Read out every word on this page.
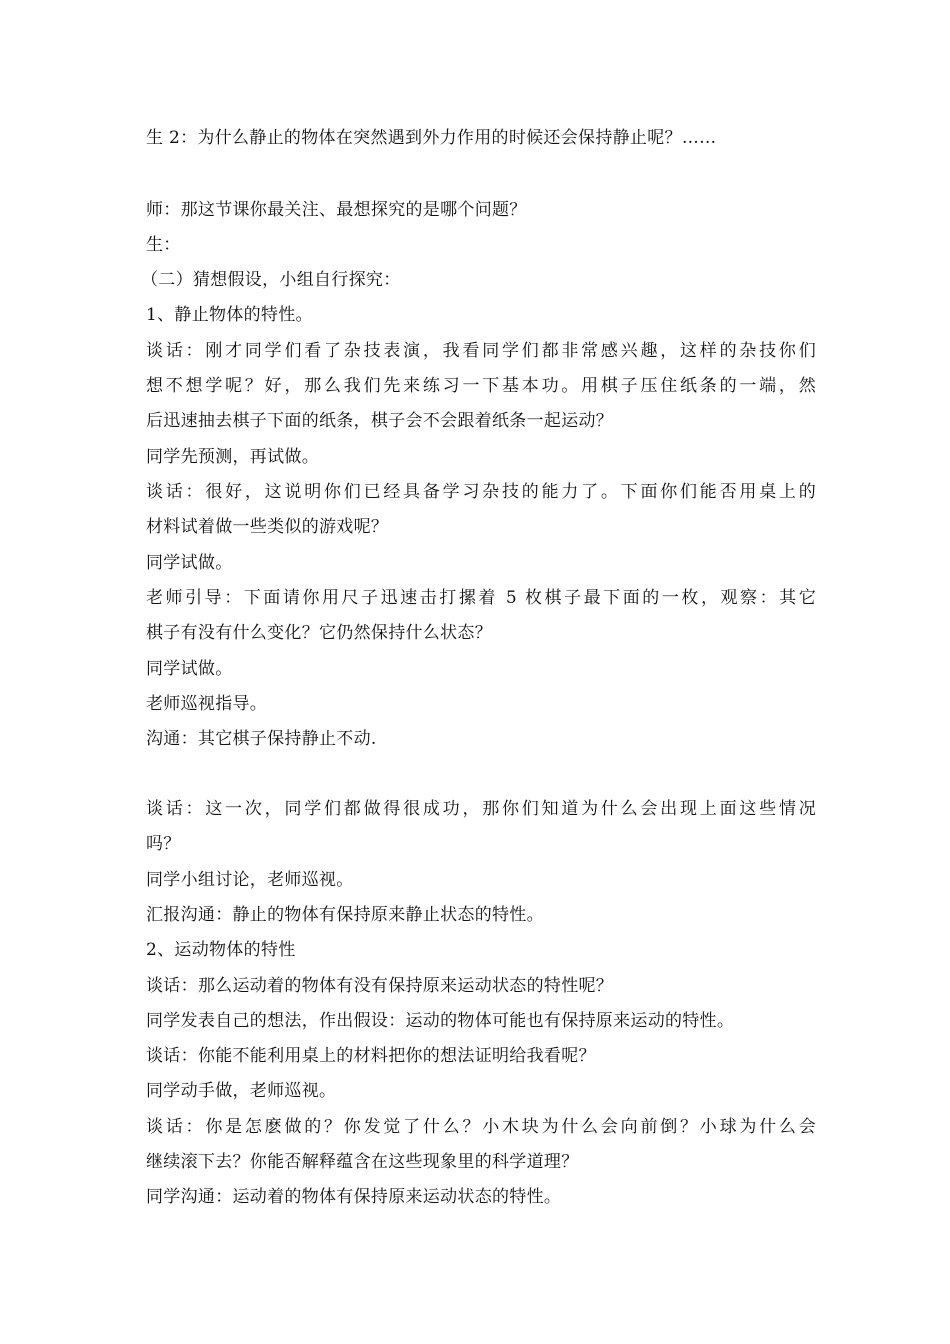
生 2：为什么静止的物体在突然遇到外力作用的时候还会保持静止呢？……
师：那这节课你最关注、最想探究的是哪个问题？
生：
（二）猜想假设，小组自行探究：
1、静止物体的特性。
谈话：刚才同学们看了杂技表演，我看同学们都非常感兴趣，这样的杂技你们
想不想学呢？好，那么我们先来练习一下基本功。用棋子压住纸条的一端，然
后迅速抽去棋子下面的纸条，棋子会不会跟着纸条一起运动？
同学先预测，再试做。
谈话：很好，这说明你们已经具备学习杂技的能力了。下面你们能否用桌上的
材料试着做一些类似的游戏呢？
同学试做。
老师引导：下面请你用尺子迅速击打摞着 5 枚棋子最下面的一枚，观察：其它
棋子有没有什么变化？它仍然保持什么状态？
同学试做。
老师巡视指导。
沟通：其它棋子保持静止不动.
谈话：这一次，同学们都做得很成功，那你们知道为什么会出现上面这些情况
吗？
同学小组讨论，老师巡视。
汇报沟通：静止的物体有保持原来静止状态的特性。
2、运动物体的特性
谈话：那么运动着的物体有没有保持原来运动状态的特性呢？
同学发表自己的想法，作出假设：运动的物体可能也有保持原来运动的特性。
谈话：你能不能利用桌上的材料把你的想法证明给我看呢？
同学动手做，老师巡视。
谈话：你是怎麽做的？你发觉了什么？小木块为什么会向前倒？小球为什么会
继续滚下去？你能否解释蕴含在这些现象里的科学道理？
同学沟通：运动着的物体有保持原来运动状态的特性。
